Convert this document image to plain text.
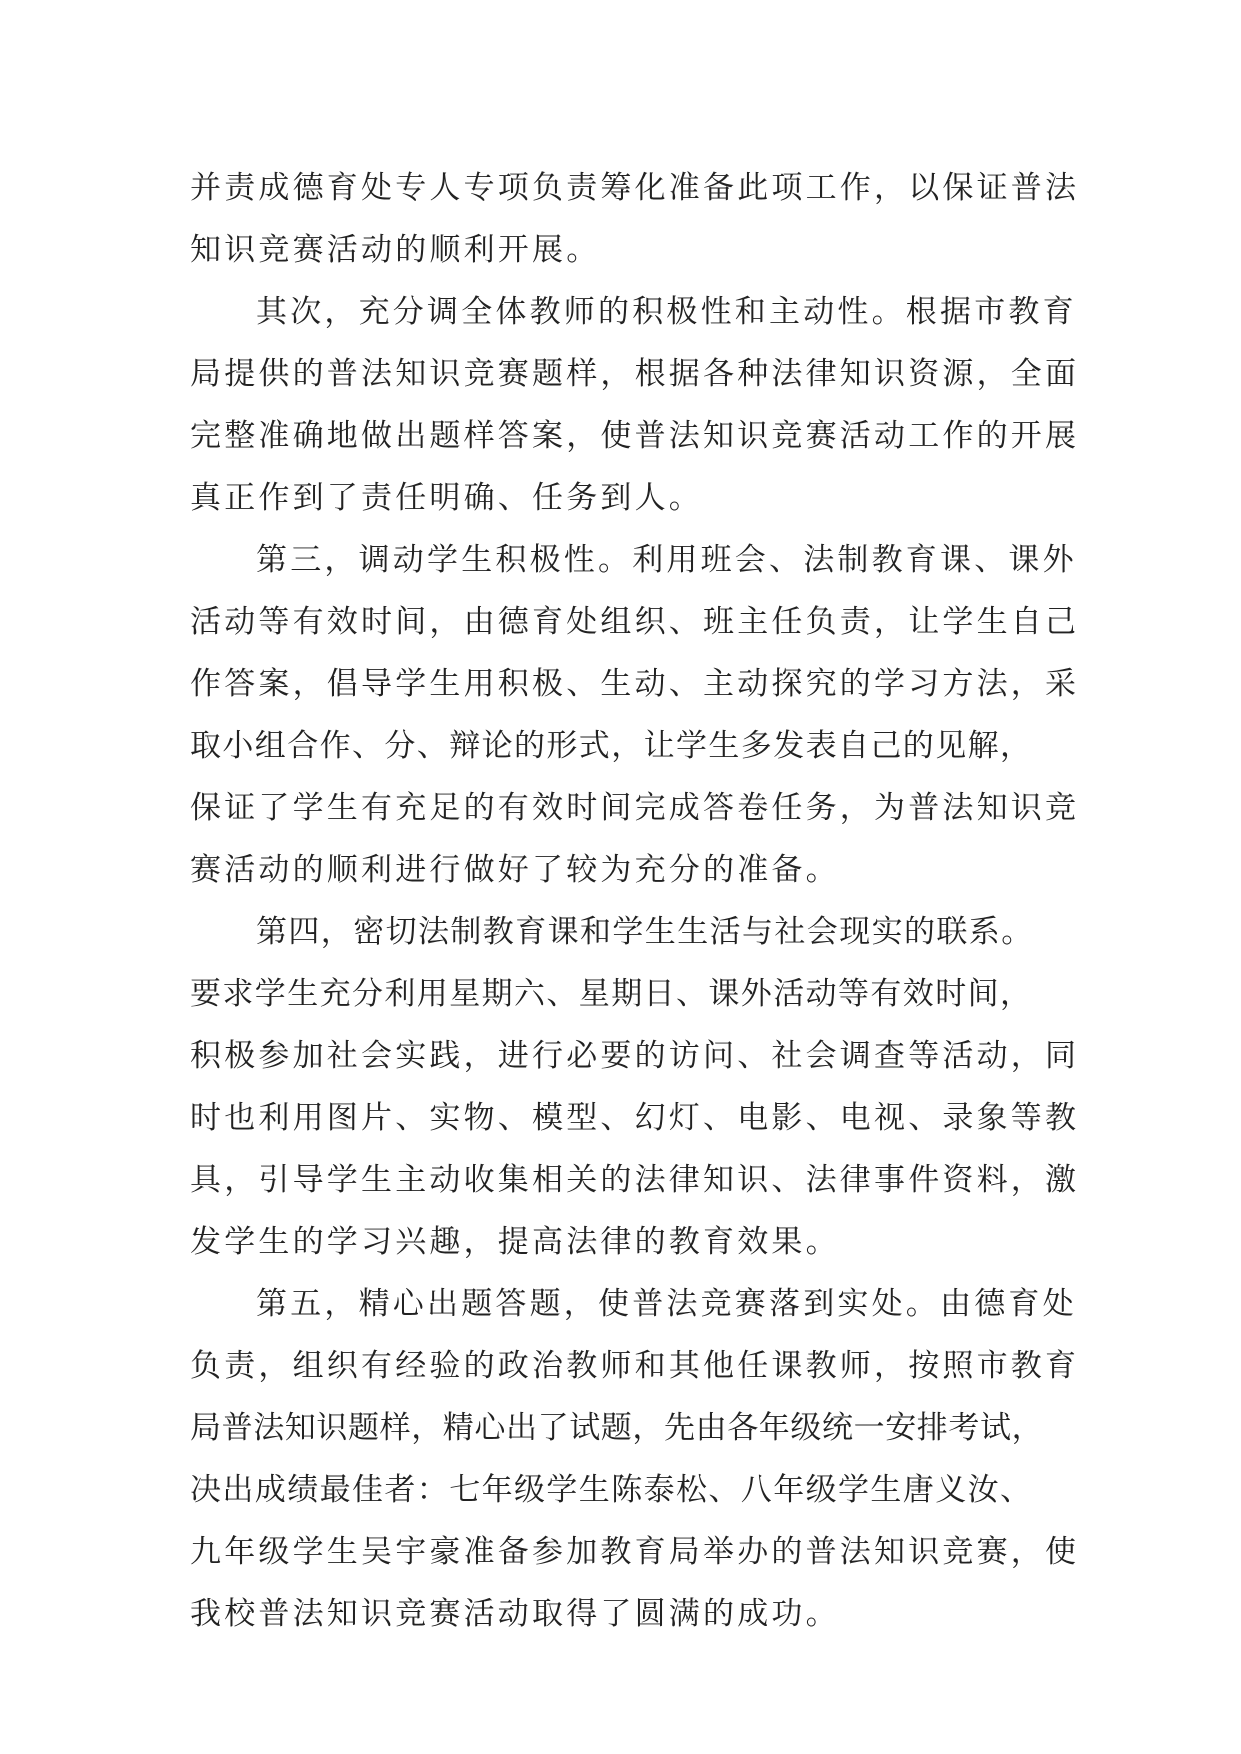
并责成德育处专人专项负责筹化准备此项工作，以保证普法
知识竞赛活动的顺利开展。
其次，充分调全体教师的积极性和主动性。根据市教育
局提供的普法知识竞赛题样，根据各种法律知识资源，全面
完整准确地做出题样答案，使普法知识竞赛活动工作的开展
真正作到了责任明确、任务到人。
第三，调动学生积极性。利用班会、法制教育课、课外
活动等有效时间，由德育处组织、班主任负责，让学生自己
作答案，倡导学生用积极、生动、主动探究的学习方法，采
取小组合作、分、辩论的形式，让学生多发表自己的见解，
保证了学生有充足的有效时间完成答卷任务，为普法知识竞
赛活动的顺利进行做好了较为充分的准备。
第四，密切法制教育课和学生生活与社会现实的联系。
要求学生充分利用星期六、星期日、课外活动等有效时间，
积极参加社会实践，进行必要的访问、社会调查等活动，同
时也利用图片、实物、模型、幻灯、电影、电视、录象等教
具，引导学生主动收集相关的法律知识、法律事件资料，激
发学生的学习兴趣，提高法律的教育效果。
第五，精心出题答题，使普法竞赛落到实处。由德育处
负责，组织有经验的政治教师和其他任课教师，按照市教育
局普法知识题样，精心出了试题，先由各年级统一安排考试，
决出成绩最佳者：七年级学生陈泰松、八年级学生唐义汝、
九年级学生吴宇豪准备参加教育局举办的普法知识竞赛，使
我校普法知识竞赛活动取得了圆满的成功。
